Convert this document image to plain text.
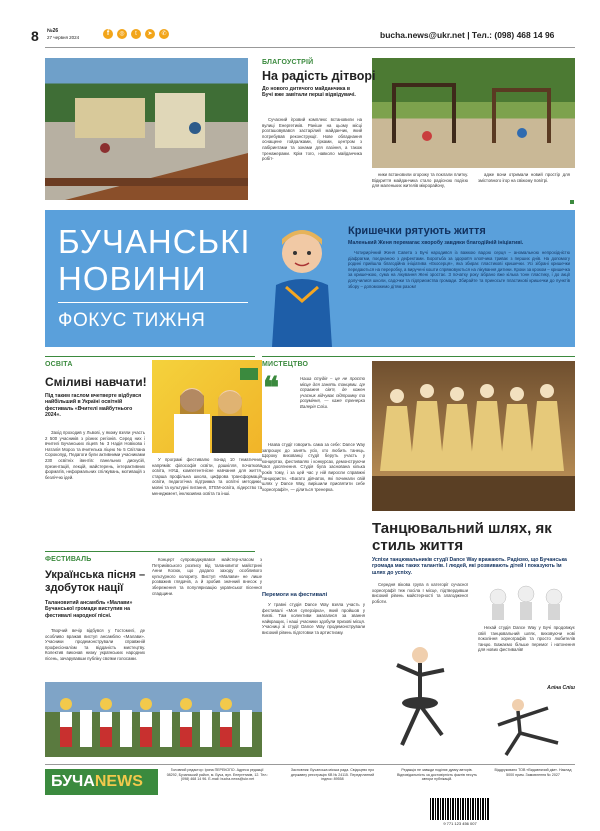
8 №26
27 червня 2024
f	◎	t	➤	✆	bucha.news@ukr.net | Тел.: (098) 468 14 96
БЛАГОУСТРІЙ
На радість дітворі
До нового дитячого майданчика в Бучі вже завітали перші відвідувачі.
Сучасний ігровий комплекс встановили на вулиці Енергетиків. Раніше на цьому місці розташовувався застарілий майданчик, який потребував реконструкції. Нове обладнання оснащене гойдалками, гірками, центром з лабіринтами та зонами для лазіння, а також тренажерами. Крім того, навколо майданчика робіт-
ники встановили огорожу та поклали плитку. Відкриття майданчика стало радісною подією для маленьких жителів мікрорайону,
адже вони отримали новий простір для змістовного ігор на свіжому повітрі.
БУЧАНСЬКІ
НОВИНИ
ФОКУС ТИЖНЯ
Кришечки рятують життя
Маленький Женя перемагає хворобу завдяки благодійній ініціативі.
Чотирирічний Женя Савета з Бучі народився із важкою вадою серця – аномальною непрохідністю діафрагми, поєднаною з дефектами. Боротьба за здоров'я хлопчика триває з перших днів. На допомогу родині прийшла благодійна ініціатива «Екосерця», яка збирає пластикові кришечки. Усі зібрані кришечки передаються на переробку, а виручені кошти спрямовуються на лікування дитини. Кроки за кроком – кришечка за кришечкою, сума на лікування Жені зростає. З початку року зібрано вже кілька тонн пластику, і до акції долучилися школи, садочки та підприємства громади. Збирайте та приносьте пластикові кришечки до пунктів збору – допоможемо дітям разом!
ОСВІТА
Сміливі навчати!
Під таким гаслом вчетверте відбувся найбільший в Україні освітній фестиваль «Вчителі майбутнього 2024».
Захід проходив у Львові, у якому взяли участь 2 500 учасників з різних регіонів. Серед них і вчителі Бучанських ліцеїв № 3 Надія Новікова і Наталія Мороз та вчителька ліцею № 5 Світлана Сорокопуд. Педагоги були активними учасниками 230 освітніх івентів: панельних дискусій, презентацій, лекцій, майстерень, інтерактивних форматів, неформальних спілкувань, мотивацій з безліччю ідей.
У програмі фестивалю понад 10 тематичних напрямів: філософія освіти, дошкілля, початкова освіта, НУШ, компетентнісне навчання для життя, старша профільна школа, цифрова трансформація освіти, педагогічна підтримка та освітні методики, мовні та культурні питання, STEM-освіта, лідерство та менеджмент, інклюзивна освіта та інші.
ФЕСТИВАЛЬ
Українська пісня – здобуток нації
Талановитий ансамбль «Малави» Бучанської громади виступив на фестивалі народної пісні.
Творчий вечір відбувся у Гостомелі, де особливо вражав виступ ансамблю «Малави». Учасники продемонстрували справжній професіоналізм та відданість мистецтву. Колектив виконав низку українських народних пісень, зачарувавши публіку своїми голосами.
Концерт супроводжувався майстер-класом з Петриківського розпису від талановитої майстрині Анни Косюк, що додало заходу особливого культурного колориту. Виступ «Малави» не лише розважив глядачів, а й зробив значний внесок у збереження та популяризацію української пісенної спадщини.
МИСТЕЦТВО
❝	Наша студія – це не просто місце для занять танцями. Це справжня сім'я, де кожен учасник відчуває підтримку та розуміння, — каже тренерка Валерія Сліш.
Назва студії говорить сама за себе: Dance Way запрошує до занять усіх, хто любить танець. Щороку вихованці студії беруть участь у концертах, фестивалях і конкурсах, демонструючи свої досягнення. Студія була заснована кілька років тому, і за цей час у ній виросли справжні танцюристи. «Багато дівчаток, які починали свій шлях у Dance Way, вирішили присвятити себе хореографії», — ділиться тренерка.
Перемоги на фестивалі
У травні студія Dance Way взяла участь у фестивалі «Моя суперзірка», який пройшов у Києві. Там колективи змагалися за звання найкращих, і наші учасники здобули призові місця. Учасниці зі студії Dance Way продемонстрували високий рівень підготовки та артистизму.
Танцювальний шлях, як стиль життя
Успіхи танцювальників студії Dance Way вражають. Радіємо, що Бучанська громада має таких талантів. І людей, які розвивають дітей і показують їм шлях до успіху.
Середня вікова група в категорії сучасної хореографії теж посіла I місце, підтвердивши високий рівень майстерності та злагодженої роботи.
Нехай студія Dance Way у Бучі продовжує свій танцювальний шлях, виховуючи нові покоління хореографів та просто любителів танцю. Бажаємо більше перемог і натхнення для нових фестивалів!
Аліна Сліш
БУЧА NEWS
Головний редактор: Ірина ПЕРЕКОПО. Адреса редакції: 08292, Бучанський район, м. Буча, вул. Енергетиків, 12. Тел.: (098) 468 14 96. E-mail: bucha.news@ukr.net
Засновник: Бучанська міська рада. Свідоцтво про державну реєстрацію КВ № 24115. Передплатний індекс: 89558
Редакція не завжди поділяє думку авторів. Відповідальність за достовірність фактів несуть автори публікацій.
Віддруковано ТОВ «Видавничий дім». Наклад 5000 прим. Замовлення № 2027
9 771 123 456 007
